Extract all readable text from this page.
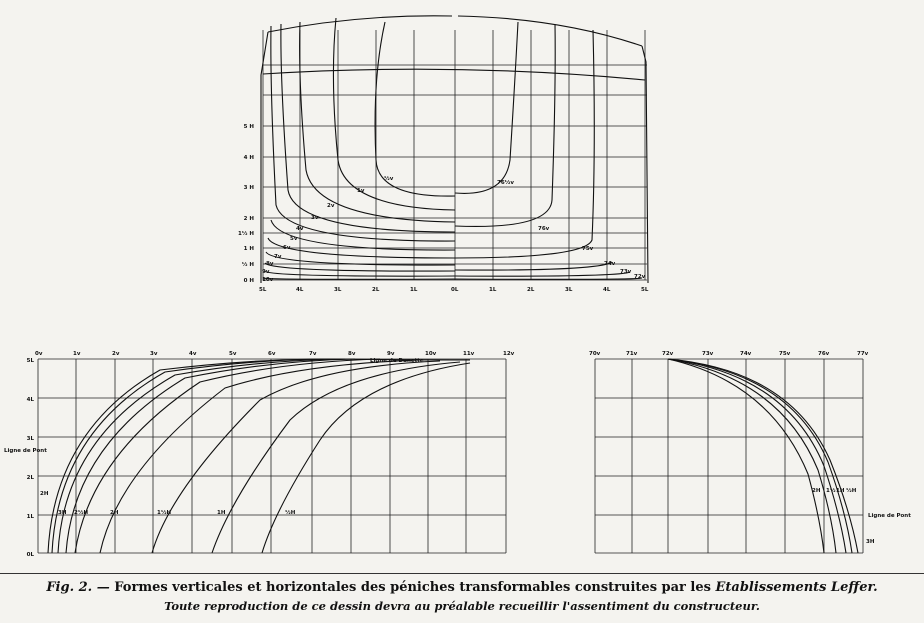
5 H
4 H
3 H
2 H
1½ H
1 H
½ H
0 H
5L	4L	3L	2L	1L	0L	1L	2L	3L	4L	5L
½v
1v
2v
3v
4v
5v
6v
7v
8v
9v
10v
76½v
76v
75v
74v
73v
72v
0v	1v	2v	3v	4v	5v	6v	7v	8v	9v	10v	11v	12v
5L
4L
3L
2L
1L
0L
2H
3H 2½H	2H	1½H	1H	½H
Ligne de Pont
Ligne de Dunette
70v	71v	72v	73v	74v	75v	76v	77v
2H 1½ 1H ½H
Ligne de Pont
3H
Fig. 2. — Formes verticales et horizontales des péniches transformables construites par les Etablissements Leffer.
Toute reproduction de ce dessin devra au préalable recueillir l'assentiment du constructeur.
